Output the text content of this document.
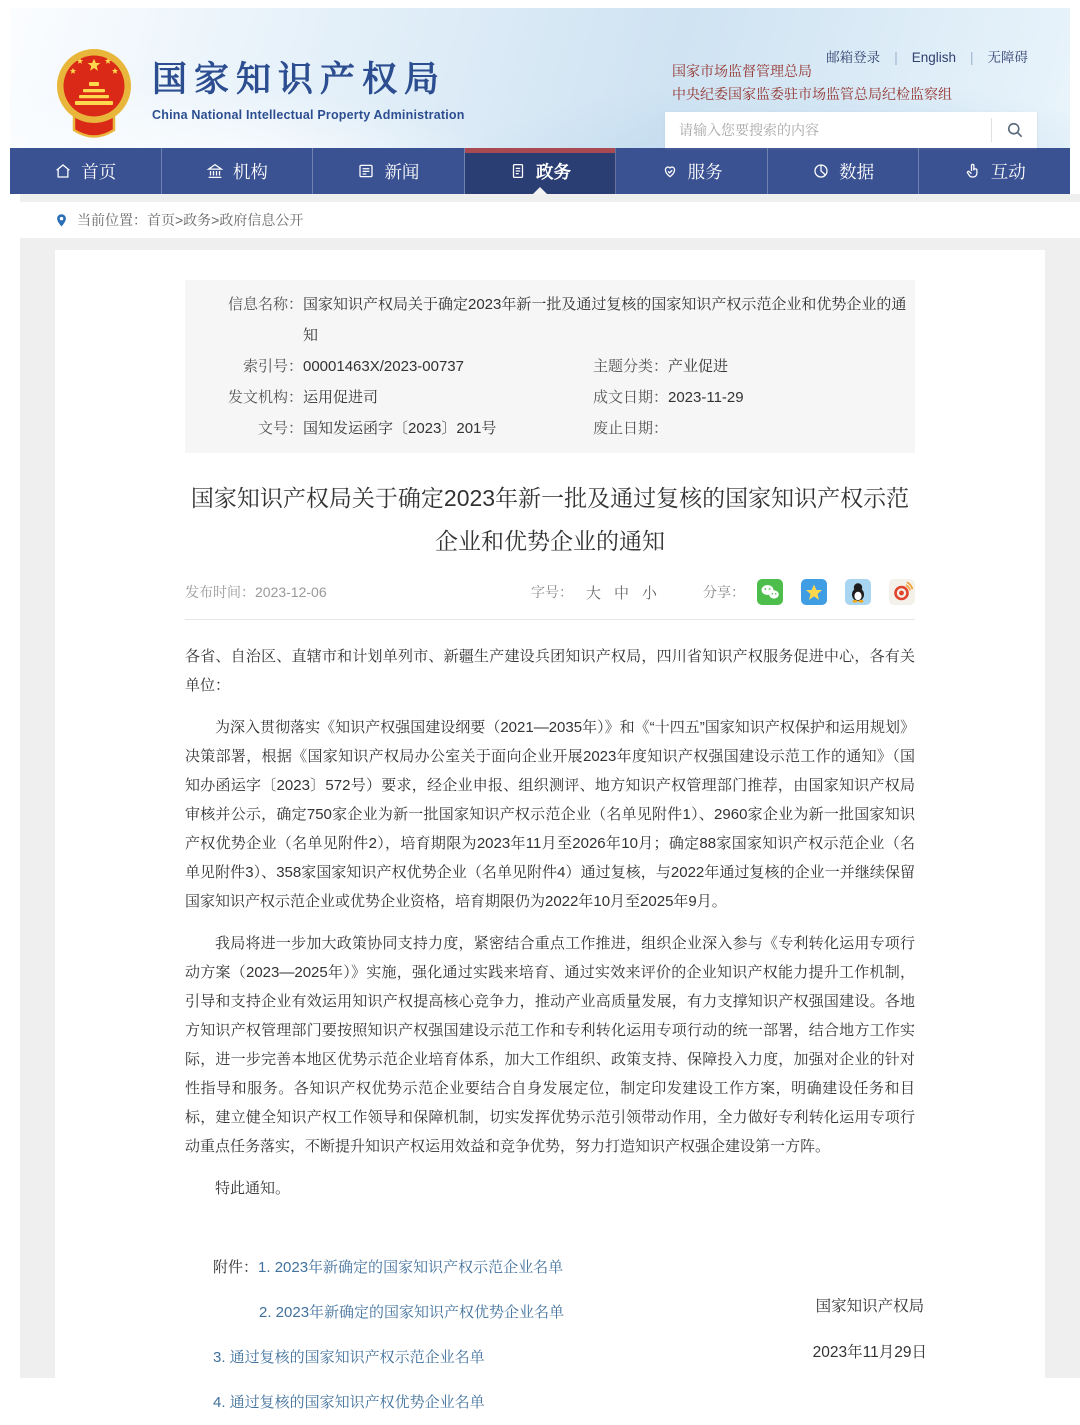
国家知识产权局
China National Intellectual Property Administration
邮箱登录 | English | 无障碍
国家市场监督管理总局
中央纪委国家监委驻市场监管总局纪检监察组
请输入您要搜索的内容
首页	机构	新闻	政务	服务	数据	互动
当前位置： 首页>政务>政府信息公开
信息名称： 国家知识产权局关于确定2023年新一批及通过复核的国家知识产权示范企业和优势企业的通知
索引号： 00001463X/2023-00737	主题分类： 产业促进
发文机构： 运用促进司	成文日期： 2023-11-29
文号： 国知发运函字〔2023〕201号	废止日期：
国家知识产权局关于确定2023年新一批及通过复核的国家知识产权示范企业和优势企业的通知
发布时间：2023-12-06	字号： 大 中 小	分享：

各省、自治区、直辖市和计划单列市、新疆生产建设兵团知识产权局，四川省知识产权服务促进中心，各有关单位：

为深入贯彻落实《知识产权强国建设纲要（2021—2035年）》和《“十四五”国家知识产权保护和运用规划》决策部署，根据《国家知识产权局办公室关于面向企业开展2023年度知识产权强国建设示范工作的通知》（国知办函运字〔2023〕572号）要求，经企业申报、组织测评、地方知识产权管理部门推荐，由国家知识产权局审核并公示，确定750家企业为新一批国家知识产权示范企业（名单见附件1）、2960家企业为新一批国家知识产权优势企业（名单见附件2），培育期限为2023年11月至2026年10月；确定88家国家知识产权示范企业（名单见附件3）、358家国家知识产权优势企业（名单见附件4）通过复核，与2022年通过复核的企业一并继续保留国家知识产权示范企业或优势企业资格，培育期限仍为2022年10月至2025年9月。

我局将进一步加大政策协同支持力度，紧密结合重点工作推进，组织企业深入参与《专利转化运用专项行动方案（2023—2025年）》实施，强化通过实践来培育、通过实效来评价的企业知识产权能力提升工作机制，引导和支持企业有效运用知识产权提高核心竞争力，推动产业高质量发展，有力支撑知识产权强国建设。各地方知识产权管理部门要按照知识产权强国建设示范工作和专利转化运用专项行动的统一部署，结合地方工作实际，进一步完善本地区优势示范企业培育体系，加大工作组织、政策支持、保障投入力度，加强对企业的针对性指导和服务。各知识产权优势示范企业要结合自身发展定位，制定印发建设工作方案，明确建设任务和目标，建立健全知识产权工作领导和保障机制，切实发挥优势示范引领带动作用，全力做好专利转化运用专项行动重点任务落实，不断提升知识产权运用效益和竞争优势，努力打造知识产权强企建设第一方阵。

特此通知。

附件：1. 2023年新确定的国家知识产权示范企业名单
2. 2023年新确定的国家知识产权优势企业名单
3. 通过复核的国家知识产权示范企业名单
4. 通过复核的国家知识产权优势企业名单
国家知识产权局
2023年11月29日
